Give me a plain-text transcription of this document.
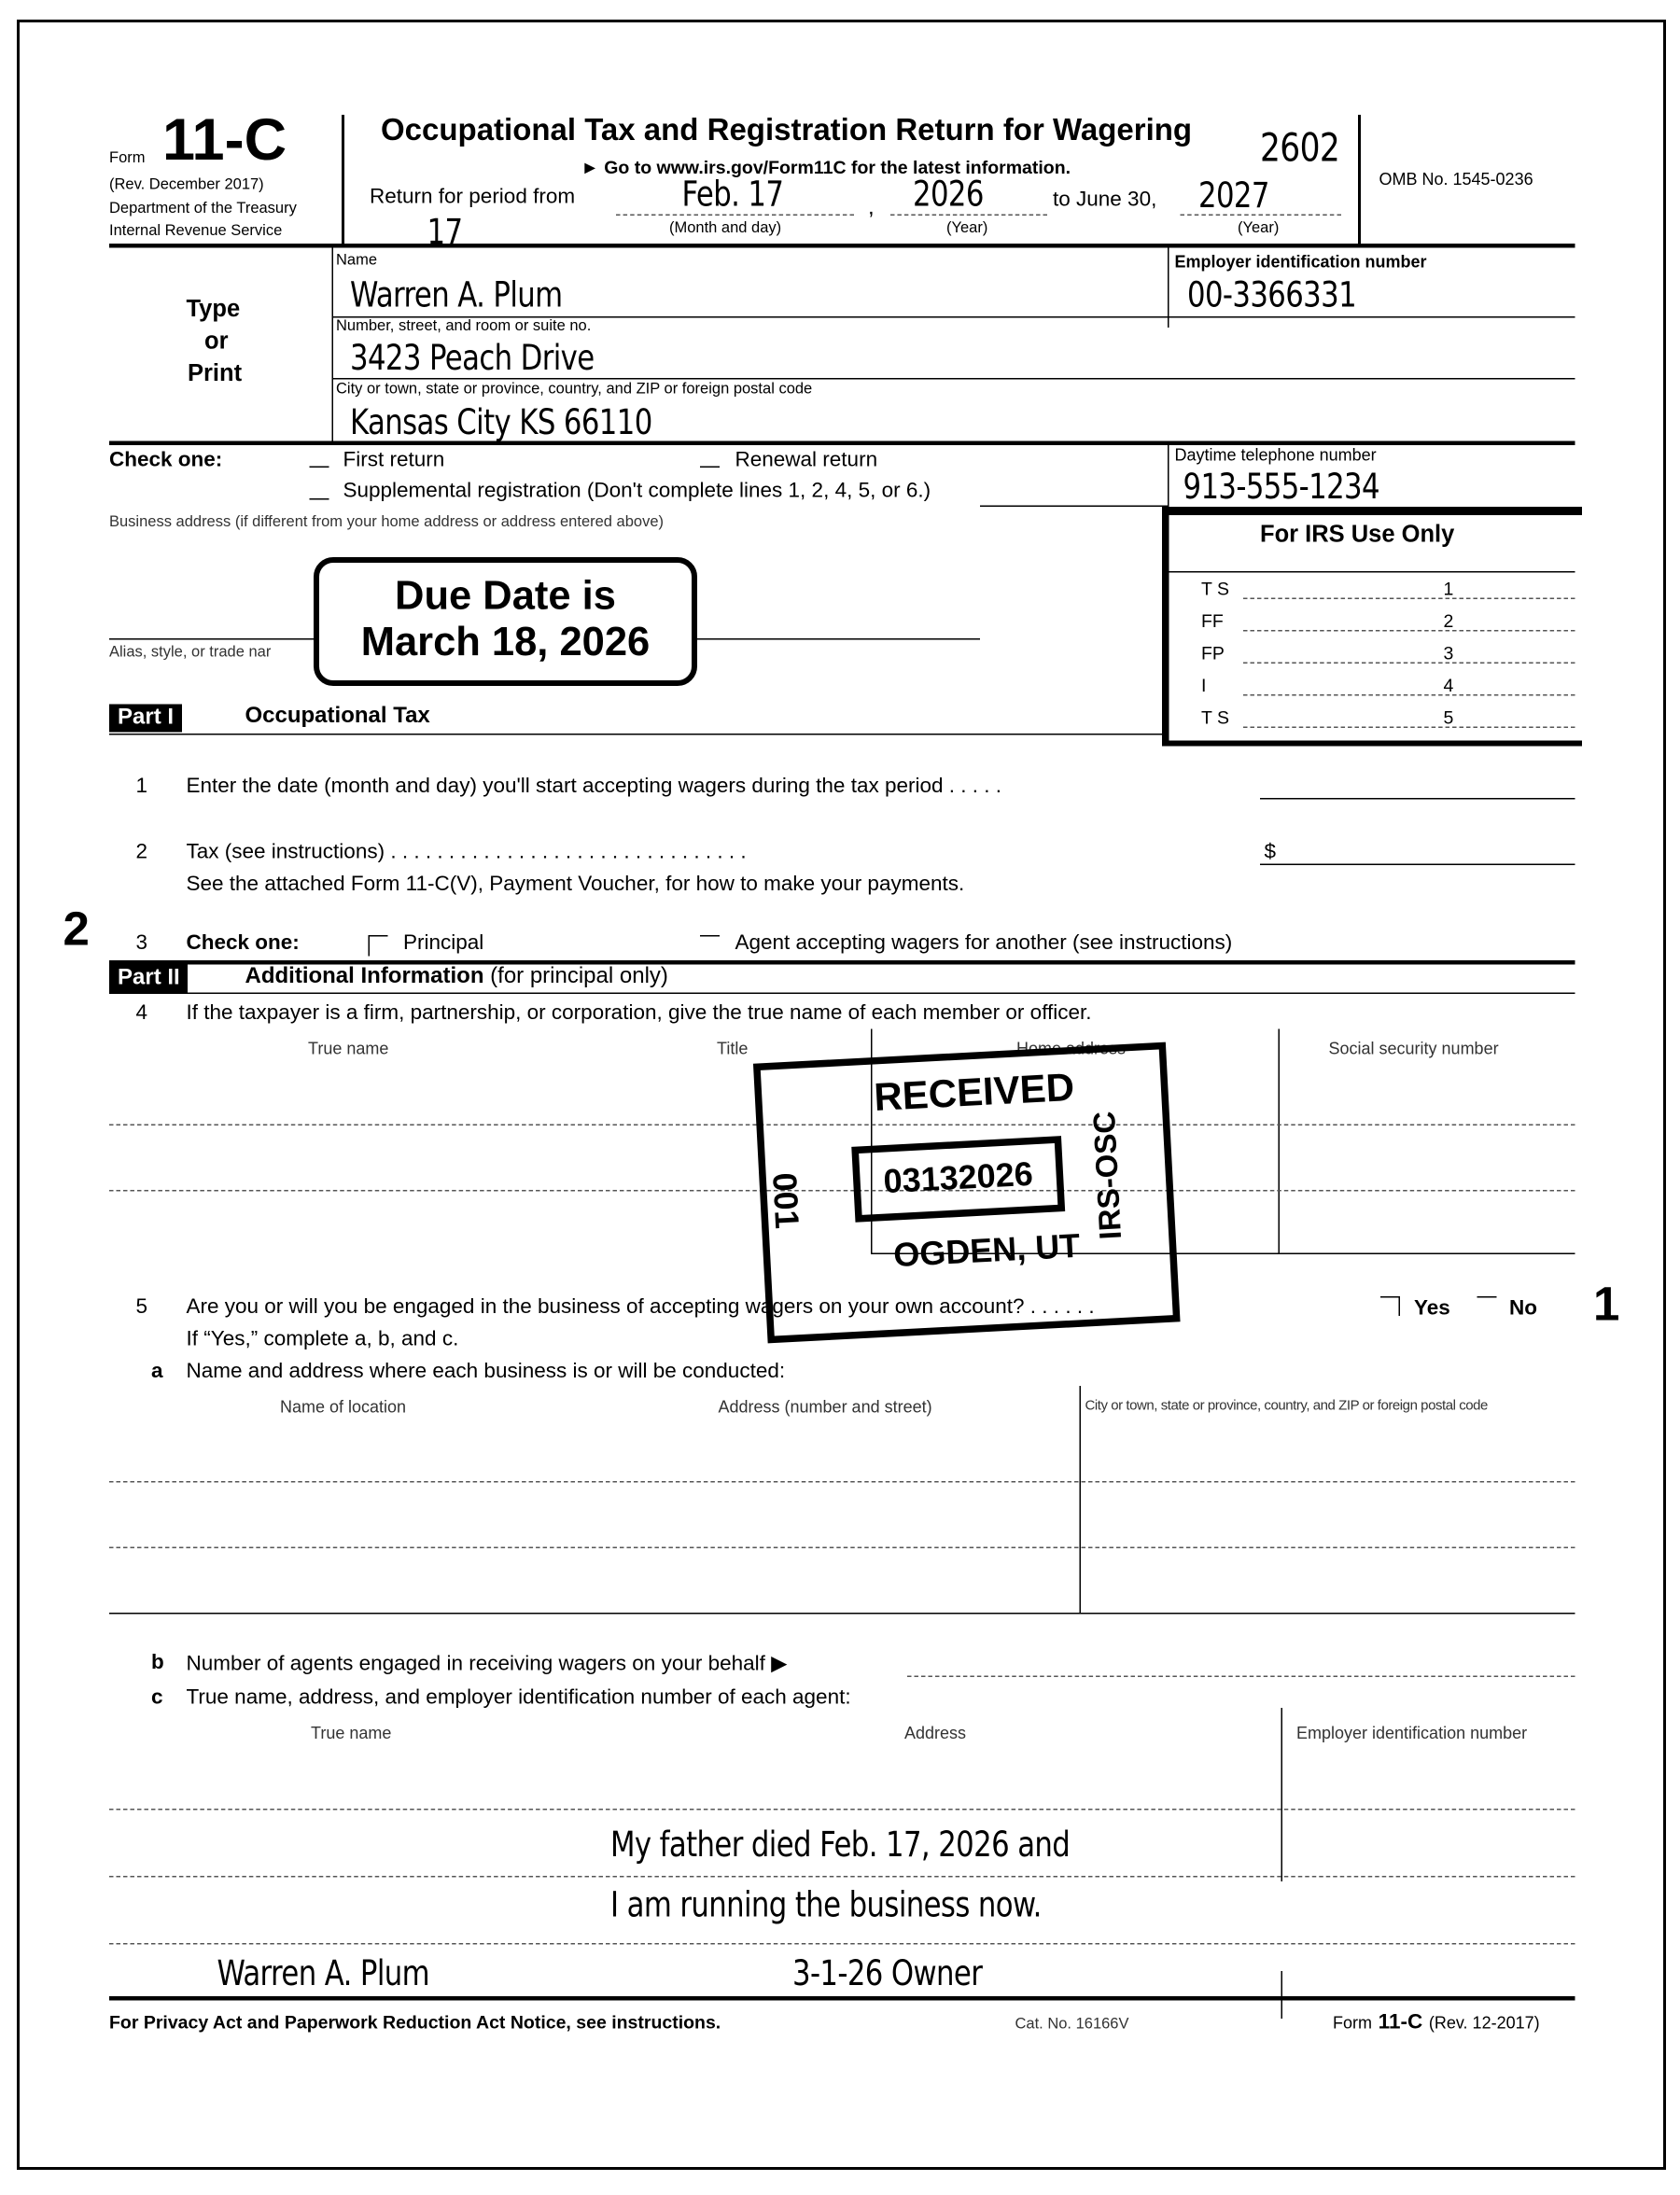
Form 11-C
(Rev. December 2017)
Department of the Treasury
Internal Revenue Service
Occupational Tax and Registration Return for Wagering
► Go to www.irs.gov/Form11C for the latest information.
Return for period from	Feb. 17	, 2026	to June 30, 2027
2602
17	(Month and day)	(Year)	(Year)
OMB No. 1545-0236
Type
or
Print
Name
Warren A. Plum
Employer identification number
00-3366331
Number, street, and room or suite no.
3423 Peach Drive
City or town, state or province, country, and ZIP or foreign postal code
Kansas City KS 66110
Check one:	First return	Renewal return
Supplemental registration (Don't complete lines 1, 2, 4, 5, or 6.)
Daytime telephone number
913-555-1234
Business address (if different from your home address or address entered above)
Alias, style, or trade nar
Due Date is
March 18, 2026
For IRS Use Only
T S	1
FF	2
FP	3
I	4
T S	5
Part I	Occupational Tax
1	Enter the date (month and day) you'll start accepting wagers during the tax period . . . . .
2	Tax (see instructions) . . . . . . . . . . . . . . . . . . . . . . . . . . . . . . .	$
See the attached Form 11-C(V), Payment Voucher, for how to make your payments.
2	3	Check one:	Principal	Agent accepting wagers for another (see instructions)
Part II	Additional Information (for principal only)
4	If the taxpayer is a firm, partnership, or corporation, give the true name of each member or officer.
True name	Title	Home address	Social security number
RECEIVED
03132026
OGDEN, UT
001	IRS-OSC
5	Are you or will you be engaged in the business of accepting wagers on your own account? . . . . . .	Yes	No 1
If “Yes,” complete a, b, and c.
a Name and address where each business is or will be conducted:
Name of location	Address (number and street)	City or town, state or province, country, and ZIP or foreign postal code
b Number of agents engaged in receiving wagers on your behalf ▶
c True name, address, and employer identification number of each agent:
True name	Address	Employer identification number
My father died Feb. 17, 2026 and
I am running the business now.
Warren A. Plum	3-1-26 Owner
For Privacy Act and Paperwork Reduction Act Notice, see instructions.	Cat. No. 16166V	Form 11-C (Rev. 12-2017)
